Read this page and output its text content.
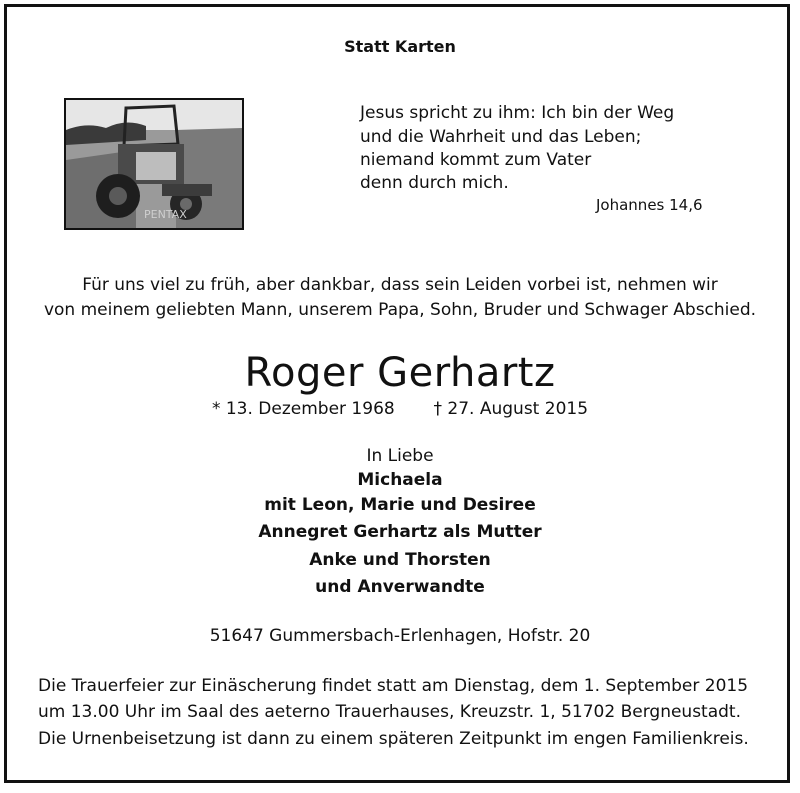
Statt Karten
PENTAX
Jesus spricht zu ihm: Ich bin der Weg
und die Wahrheit und das Leben;
niemand kommt zum Vater
denn durch mich.
Johannes 14,6
Für uns viel zu früh, aber dankbar, dass sein Leiden vorbei ist, nehmen wir
von meinem geliebten Mann, unserem Papa, Sohn, Bruder und Schwager Abschied.
Roger Gerhartz
* 13. Dezember 1968 † 27. August 2015
In Liebe
Michaela
mit Leon, Marie und Desiree
Annegret Gerhartz als Mutter
Anke und Thorsten
und Anverwandte
51647 Gummersbach-Erlenhagen, Hofstr. 20
Die Trauerfeier zur Einäscherung findet statt am Dienstag, dem 1. September 2015
um 13.00 Uhr im Saal des aeterno Trauerhauses, Kreuzstr. 1, 51702 Bergneustadt.
Die Urnenbeisetzung ist dann zu einem späteren Zeitpunkt im engen Familienkreis.
